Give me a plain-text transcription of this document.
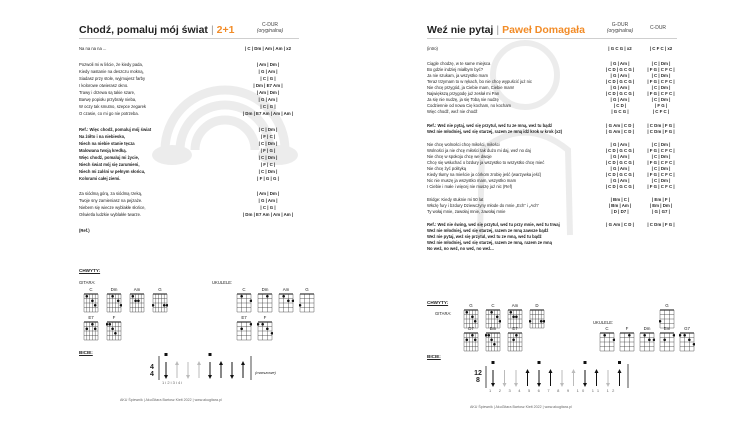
Chodź, pomaluj mój świat | 2+1	C-DUR
(oryginalna)
Na na na na ...	| C | Dm | Am | Am | x2
Pozwoli mi w liście, że kiedy pada,	| Am | Dm |
Kiedy nastanie na deszczu mokną,	| G | Am |
Siadasz przy stole, wyjmujesz farby	| C | G |
I kolorowe otwierasz okno.	| Dm | E7 Am |
Trawy i drzewa są takie szare,	| Am | Dm |
Barwę popiołu przybrały nieba,	| G | Am |
W oczy tak smutno, szepce zegarek	| C | G |
O czasie, co mi go nie potrzeba.	| Dm | E7 Am | Am | Am |
Ref.: Więc chodź, pomaluj mój świat	| C | Dm |
Na żółto i na niebiesko,	| F | C |
Niech na niebie stanie tęcza	| C | Dm |
Malowana twoją kredką.	| F | G |
Więc chodź, pomaluj mi życie,	| C | Dm |
Niech świat mój się zarumieni,	| F | C |
Niech mi zalśni w pełnym słońcu,	| C | Dm |
Kolorami całej ziemi.	| F | G | G |
Za siódmą górą, za siódmą rzeką,	| Am | Dm |
Twoje sny zamieniasz na pejzaże.	| G | Am |
Niebem się wiecze wyblakłe słońce,	| C | G |
Oświetla ludzkie wyblakłe twarze.	| Dm | E7 Am | Am | Am |
(Ref.)
CHWYTY:
GITARA:	UKULELE:
C	Dm	Am	G
E7	F
C	Dm	Am	G
E7	F
BICIE:
4
4
1 i 2 i 3 i 4 i
(marszowe)
AKU Śpiewnik | AkuGitara Bartosz Kiełt 2022 | www.akugitara.pl
Weź nie pytaj | Paweł Domagała	G-DUR
(oryginalna)	C-DUR
(intro)	| G C G | x2	| C F C | x2
Ciągle chodzę, w te same miejsca	| G | Am |	| C | Dm |
Bo gdzie indziej miałbym być?	| C D | G C G |	| F G | C F C |
Ja nie szukam, ja wszystko mam	| G | Am |	| C | Dm |
Teraz trzymam to w rękach, bo nie chcę wypuścić już nic	| C D | G C G |	| F G | C F C |
Nie chcę przygód, ja Ciebie mam, Ciebie mam!	| G | Am |	| C | Dm |
Największą przygodę już zesłał mi Pan	| C D | G C G |	| F G | C F C |
Ja się nie nudzę, ja się Tobą nie nudzę	| G | Am |	| C | Dm |
Codziennie od nowa Cię kocham, no kocham	| C D |	| F G |
Więc chodź, weź nie chodź	| G C G |	| C F C |
Ref.: Weź nie pytaj, weź się przytul, weź tu ze mną, weź tu bądź	| G Am | C D |	| C Dm | F G |
Weź nie młodniej, weź się starzej, razem ze mną idź krok w krok (x2)	| G Am | C D |	| C Dm | F G |
Nie chcę wolności chcę miłości, miłości	| G | Am |	| C | Dm |
Wolności ja nie chcę miłości tak dużo mi daj, weź no daj	| C D | G C G |	| F G | C F C |
Nie chcę w spokoju chcę we dwoje	| G | Am |	| C | Dm |
Chcę się wsłuchać o bzdury ja wszystko to wszystko chcę mieć	| C D | G C G |	| F G | C F C |
Nie chcę żyć polityką	| G | Am |	| C | Dm |
Kiedy tłumy na mieście ja córkom zrobię jeść (warzywka jeść)	| C D | G C G |	| F G | C F C |
Nic nie muszę ja wszystko mam, wszystko mam	| G | Am |	| C | Dm |
I Ciebie i małe i więcej nie muszę już nic (Ref)	| C D | G C G |	| F G | C F C |
Bridge: Kiedy stuknie mi 50 lat	| Bm | C |	| Em | F |
Włożę fury i bzdury Dziewczyny młode do mnie „Ech” i „Ach”	| Bm | Am |	| Em | Dm |
Ty wołaj mnie, zawołaj mnie, zawołaj mnie	| D | D7 |	| G | G7 |
Ref.: Weź nie świng, weź się przytul, weź tu przy mnie, weź tu trwaj	| G Am | C D |	| C Dm | F G |
Weź nie młodniej, weź się starzej, razem ze mną zawsze bądź
Weź nie pytaj, weź się przytul, weź tu ze mną, weź tu bądź
Weź nie młodniej, weź się starzej, razem ze mną, razem ze mną
No weź, no weź, no weź, no weź...
CHWYTY:
GITARA:
UKULELE:
G	C	Am	D
D7	Bm	E7	C	F	Dm
G
Em	G7
BICIE:
12
8
1 2 3 4 5 6 7 8 9 10 11 12
AKU Śpiewnik | AkuGitara Bartosz Kiełt 2022 | www.akugitara.pl
